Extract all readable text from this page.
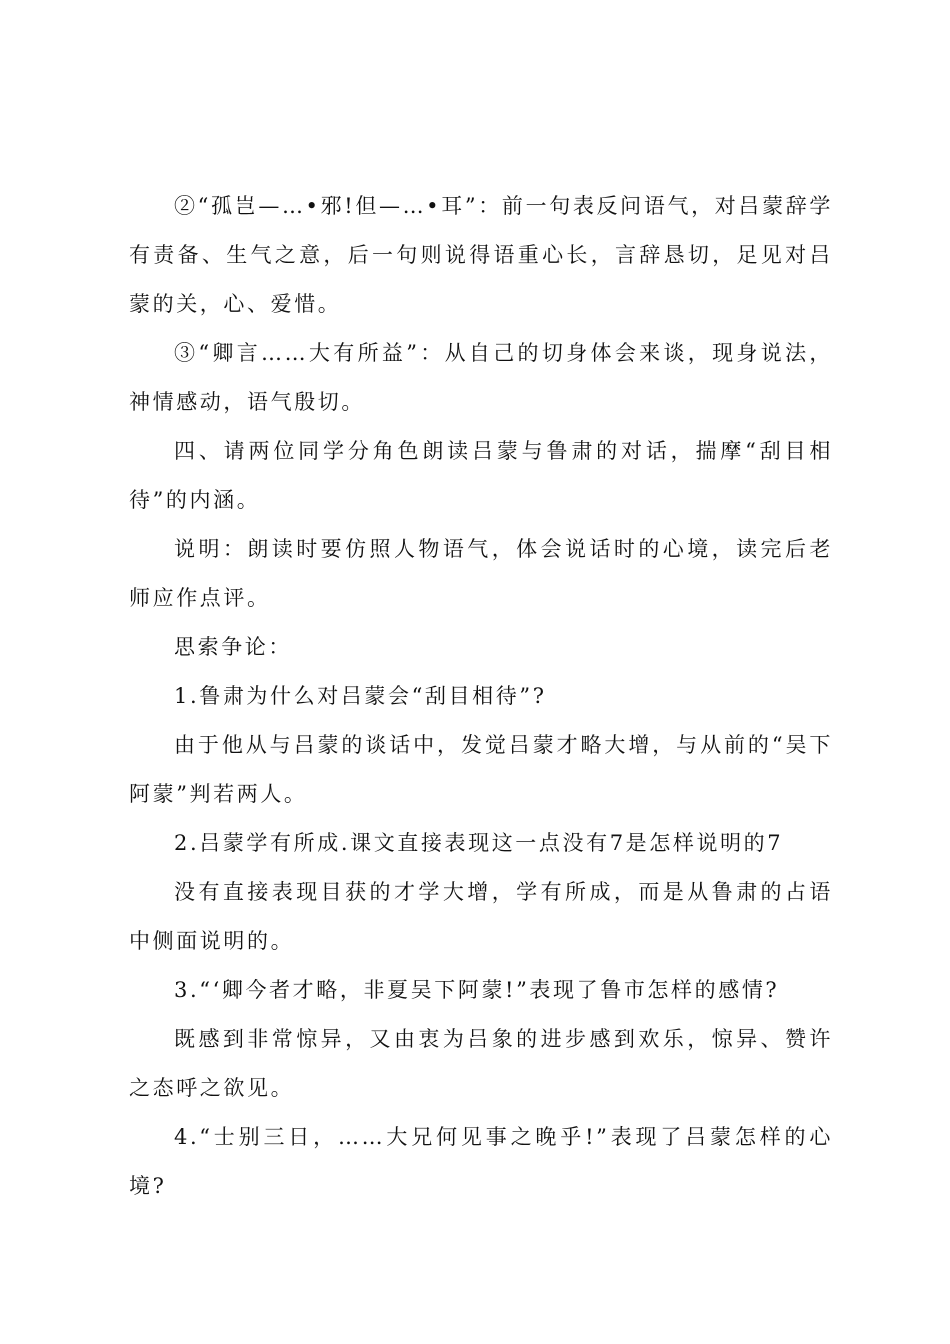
②“孤岂—…•邪!但—…•耳”：前一句表反问语气，对吕蒙辞学有责备、生气之意，后一句则说得语重心长，言辞恳切，足见对吕蒙的关，心、爱惜。

③“卿言……大有所益”：从自己的切身体会来谈，现身说法，神情感动，语气殷切。

四、请两位同学分角色朗读吕蒙与鲁肃的对话，揣摩“刮目相待”的内涵。

说明：朗读时要仿照人物语气，体会说话时的心境，读完后老师应作点评。

思索争论：

1.鲁肃为什么对吕蒙会“刮目相待”?

由于他从与吕蒙的谈话中，发觉吕蒙才略大增，与从前的“吴下阿蒙”判若两人。

2.吕蒙学有所成.课文直接表现这一点没有7是怎样说明的7

没有直接表现目获的才学大增，学有所成，而是从鲁肃的占语中侧面说明的。

3.“‘卿今者才略，非夏吴下阿蒙!”表现了鲁市怎样的感情?

既感到非常惊异，又由衷为吕象的进步感到欢乐，惊异、赞许之态呼之欲见。

4.“士别三日，……大兄何见事之晚乎!”表现了吕蒙怎样的心境?
